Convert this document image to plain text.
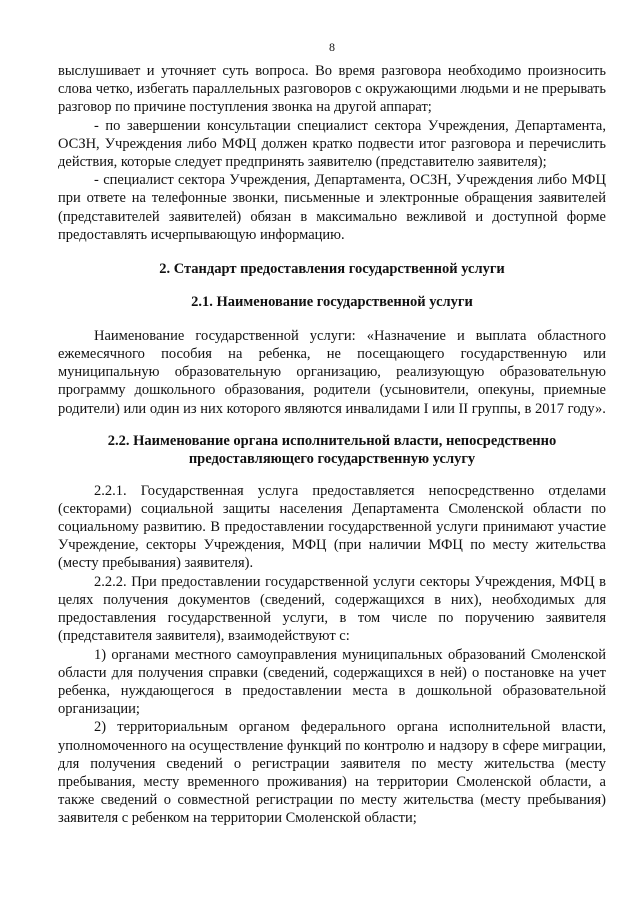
8

выслушивает и уточняет суть вопроса. Во время разговора необходимо произносить слова четко, избегать параллельных разговоров с окружающими людьми и не прерывать разговор по причине поступления звонка на другой аппарат;

- по завершении консультации специалист сектора Учреждения, Департамента, ОСЗН, Учреждения либо МФЦ должен кратко подвести итог разговора и перечислить действия, которые следует предпринять заявителю (представителю заявителя);

- специалист сектора Учреждения, Департамента, ОСЗН, Учреждения либо МФЦ при ответе на телефонные звонки, письменные и электронные обращения заявителей (представителей заявителей) обязан в максимально вежливой и доступной форме предоставлять исчерпывающую информацию.

2. Стандарт предоставления государственной услуги
2.1. Наименование государственной услуги

Наименование государственной услуги: «Назначение и выплата областного ежемесячного пособия на ребенка, не посещающего государственную или муниципальную образовательную организацию, реализующую образовательную программу дошкольного образования, родители (усыновители, опекуны, приемные родители) или один из них которого являются инвалидами I или II группы, в 2017 году».

2.2. Наименование органа исполнительной власти, непосредственно
предоставляющего государственную услугу

2.2.1. Государственная услуга предоставляется непосредственно отделами (секторами) социальной защиты населения Департамента Смоленской области по социальному развитию. В предоставлении государственной услуги принимают участие Учреждение, секторы Учреждения, МФЦ (при наличии МФЦ по месту жительства (месту пребывания) заявителя).

2.2.2. При предоставлении государственной услуги секторы Учреждения, МФЦ в целях получения документов (сведений, содержащихся в них), необходимых для предоставления государственной услуги, в том числе по поручению заявителя (представителя заявителя), взаимодействуют с:

1) органами местного самоуправления муниципальных образований Смоленской области для получения справки (сведений, содержащихся в ней) о постановке на учет ребенка, нуждающегося в предоставлении места в дошкольной образовательной организации;

2) территориальным органом федерального органа исполнительной власти, уполномоченного на осуществление функций по контролю и надзору в сфере миграции, для получения сведений о регистрации заявителя по месту жительства (месту пребывания, месту временного проживания) на территории Смоленской области, а также сведений о совместной регистрации по месту жительства (месту пребывания) заявителя с ребенком на территории Смоленской области;
